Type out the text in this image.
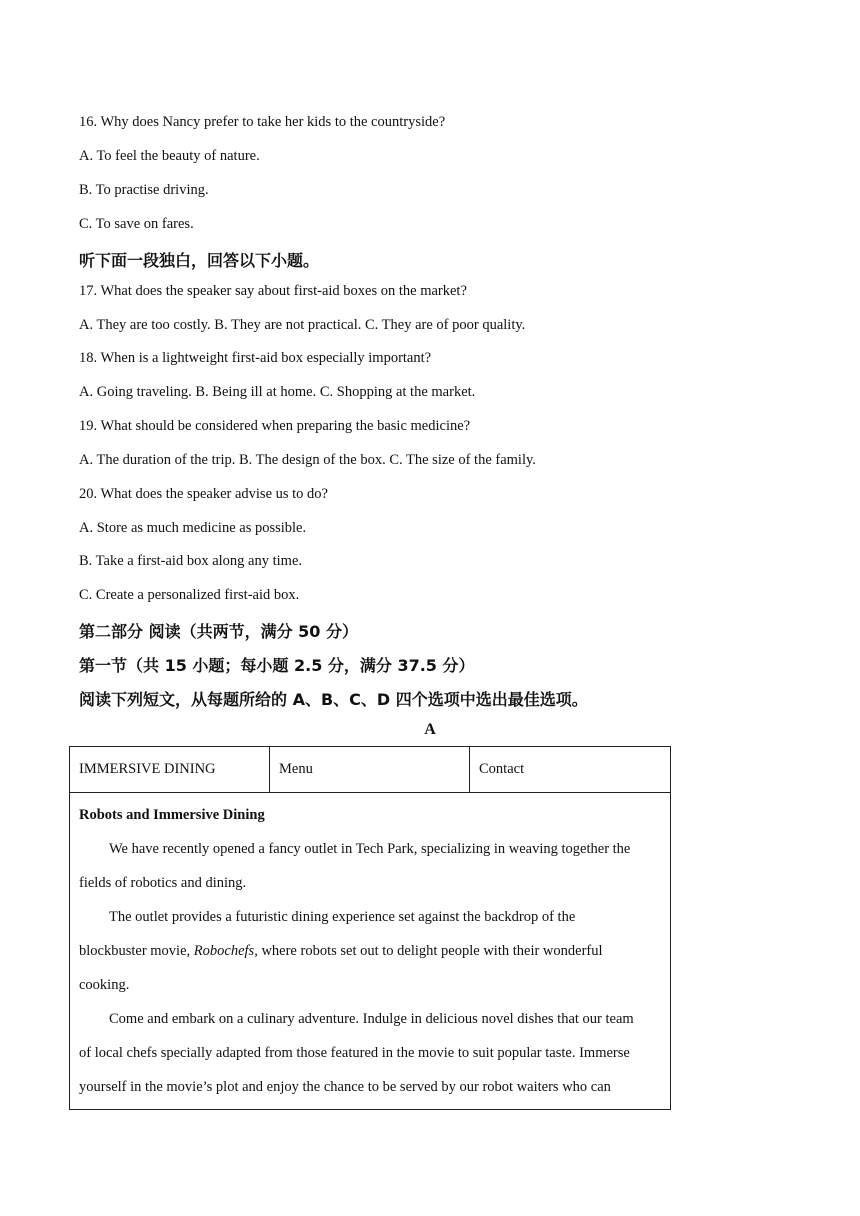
16. Why does Nancy prefer to take her kids to the countryside?
A. To feel the beauty of nature.
B. To practise driving.
C. To save on fares.
听下面一段独白，回答以下小题。
17. What does the speaker say about first-aid boxes on the market?
A. They are too costly. B. They are not practical. C. They are of poor quality.
18. When is a lightweight first-aid box especially important?
A. Going traveling. B. Being ill at home. C. Shopping at the market.
19. What should be considered when preparing the basic medicine?
A. The duration of the trip. B. The design of the box. C. The size of the family.
20. What does the speaker advise us to do?
A. Store as much medicine as possible.
B. Take a first-aid box along any time.
C. Create a personalized first-aid box.
第二部分 阅读（共两节，满分 50 分）
第一节（共 15 小题；每小题 2.5 分，满分 37.5 分）
阅读下列短文，从每题所给的 A、B、C、D 四个选项中选出最佳选项。
A
IMMERSIVE DINING	Menu	Contact

Robots and Immersive Dining
We have recently opened a fancy outlet in Tech Park, specializing in weaving together the
fields of robotics and dining.
The outlet provides a futuristic dining experience set against the backdrop of the
blockbuster movie, Robochefs, where robots set out to delight people with their wonderful
cooking.
Come and embark on a culinary adventure. Indulge in delicious novel dishes that our team
of local chefs specially adapted from those featured in the movie to suit popular taste. Immerse
yourself in the movie’s plot and enjoy the chance to be served by our robot waiters who can
